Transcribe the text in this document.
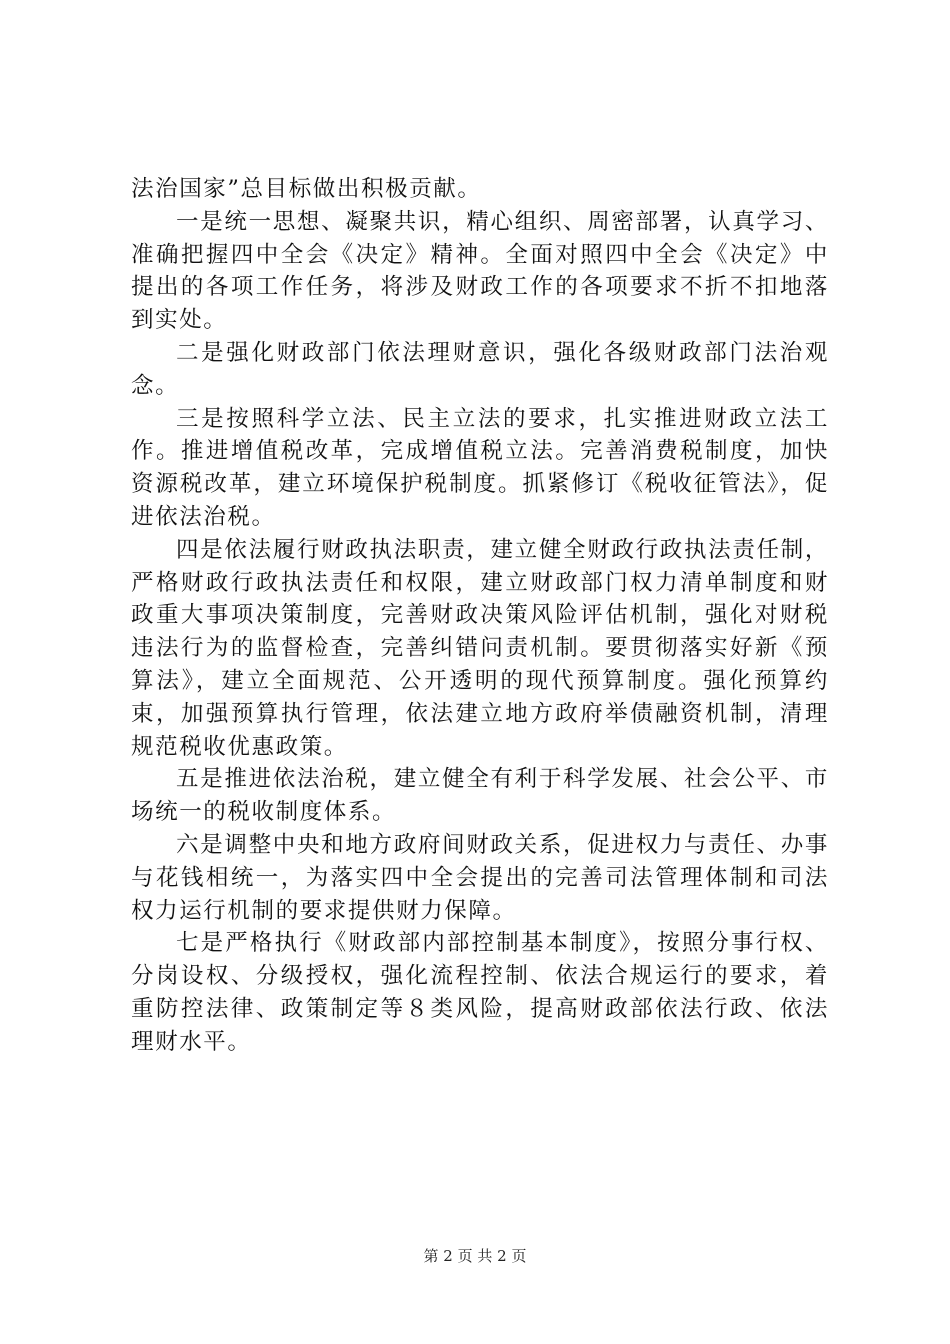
法治国家”总目标做出积极贡献。

一是统一思想、凝聚共识，精心组织、周密部署，认真学习、准确把握四中全会《决定》精神。全面对照四中全会《决定》中提出的各项工作任务，将涉及财政工作的各项要求不折不扣地落到实处。

二是强化财政部门依法理财意识，强化各级财政部门法治观念。

三是按照科学立法、民主立法的要求，扎实推进财政立法工作。推进增值税改革，完成增值税立法。完善消费税制度，加快资源税改革，建立环境保护税制度。抓紧修订《税收征管法》，促进依法治税。

四是依法履行财政执法职责，建立健全财政行政执法责任制，严格财政行政执法责任和权限，建立财政部门权力清单制度和财政重大事项决策制度，完善财政决策风险评估机制，强化对财税违法行为的监督检查，完善纠错问责机制。要贯彻落实好新《预算法》，建立全面规范、公开透明的现代预算制度。强化预算约束，加强预算执行管理，依法建立地方政府举债融资机制，清理规范税收优惠政策。

五是推进依法治税，建立健全有利于科学发展、社会公平、市场统一的税收制度体系。

六是调整中央和地方政府间财政关系，促进权力与责任、办事与花钱相统一，为落实四中全会提出的完善司法管理体制和司法权力运行机制的要求提供财力保障。

七是严格执行《财政部内部控制基本制度》，按照分事行权、分岗设权、分级授权，强化流程控制、依法合规运行的要求，着重防控法律、政策制定等８类风险，提高财政部依法行政、依法理财水平。

第 2 页 共 2 页
